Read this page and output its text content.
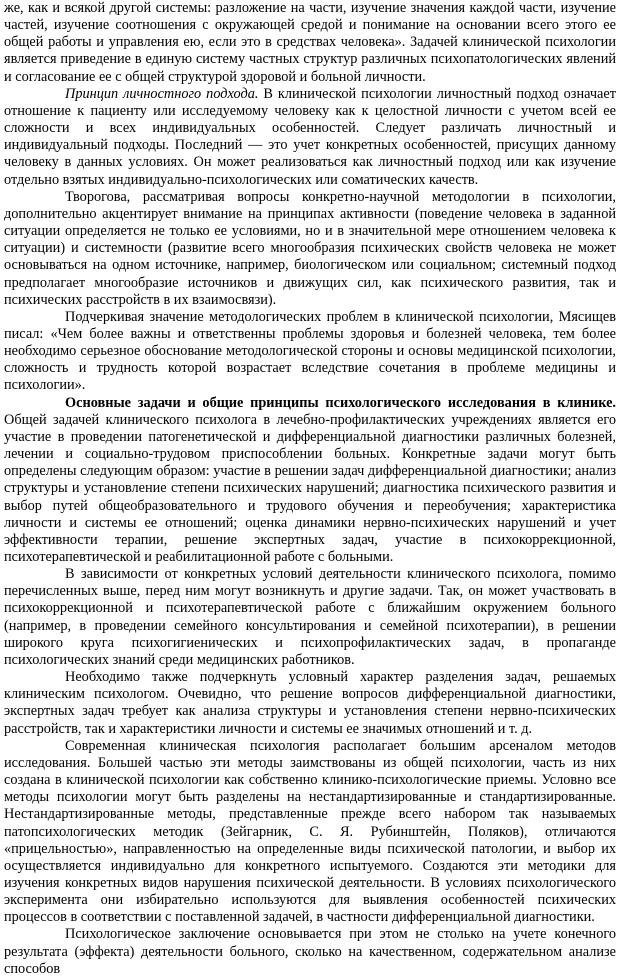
же, как и всякой другой системы: разложение на части, изучение значения каждой части, изучение частей, изучение соотношения с окружающей средой и понимание на основании всего этого ее общей работы и управления ею, если это в средствах человека». Задачей клинической психологии является приведение в единую систему частных структур различных психопатологических явлений и согласование ее с общей структурой здоровой и больной личности.

Принцип личностного подхода. В клинической психологии личностный подход означает отношение к пациенту или исследуемому человеку как к целостной личности с учетом всей ее сложности и всех индивидуальных особенностей. Следует различать личностный и индивидуальный подходы. Последний — это учет конкретных особенностей, присущих данному человеку в данных условиях. Он может реализоваться как личностный подход или как изучение отдельно взятых индивидуально-психологических или соматических качеств.

Творогова, рассматривая вопросы конкретно-научной методологии в психологии, дополнительно акцентирует внимание на принципах активности (поведение человека в заданной ситуации определяется не только ее условиями, но и в значительной мере отношением человека к ситуации) и системности (развитие всего многообразия психических свойств человека не может основываться на одном источнике, например, биологическом или социальном; системный подход предполагает многообразие источников и движущих сил, как психического развития, так и психических расстройств в их взаимосвязи).

Подчеркивая значение методологических проблем в клинической психологии, Мясищев писал: «Чем более важны и ответственны проблемы здоровья и болезней человека, тем более необходимо серьезное обоснование методологической стороны и основы медицинской психологии, сложность и трудность которой возрастает вследствие сочетания в проблеме медицины и психологии».

Основные задачи и общие принципы психологического исследования в клинике. Общей задачей клинического психолога в лечебно-профилактических учреждениях является его участие в проведении патогенетической и дифференциальной диагностики различных болезней, лечении и социально-трудовом приспособлении больных. Конкретные задачи могут быть определены следующим образом: участие в решении задач дифференциальной диагностики; анализ структуры и установление степени психических нарушений; диагностика психического развития и выбор путей общеобразовательного и трудового обучения и переобучения; характеристика личности и системы ее отношений; оценка динамики нервно-психических нарушений и учет эффективности терапии, решение экспертных задач, участие в психокоррекционной, психотерапевтической и реабилитационной работе с больными.

В зависимости от конкретных условий деятельности клинического психолога, помимо перечисленных выше, перед ним могут возникнуть и другие задачи. Так, он может участвовать в психокоррекционной и психотерапевтической работе с ближайшим окружением больного (например, в проведении семейного консультирования и семейной психотерапии), в решении широкого круга психогигиенических и психопрофилактических задач, в пропаганде психологических знаний среди медицинских работников.

Необходимо также подчеркнуть условный характер разделения задач, решаемых клиническим психологом. Очевидно, что решение вопросов дифференциальной диагностики, экспертных задач требует как анализа структуры и установления степени нервно-психических расстройств, так и характеристики личности и системы ее значимых отношений и т. д.

Современная клиническая психология располагает большим арсеналом методов исследования. Большей частью эти методы заимствованы из общей психологии, часть из них создана в клинической психологии как собственно клинико-психологические приемы. Условно все методы психологии могут быть разделены на нестандартизированные и стандартизированные. Нестандартизированные методы, представленные прежде всего набором так называемых патопсихологических методик (Зейгарник, С. Я. Рубинштейн, Поляков), отличаются «прицельностью», направленностью на определенные виды психической патологии, и выбор их осуществляется индивидуально для конкретного испытуемого. Создаются эти методики для изучения конкретных видов нарушения психической деятельности. В условиях психологического эксперимента они избирательно используются для выявления особенностей психических процессов в соответствии с поставленной задачей, в частности дифференциальной диагностики.

Психологическое заключение основывается при этом не столько на учете конечного результата (эффекта) деятельности больного, сколько на качественном, содержательном анализе способов
